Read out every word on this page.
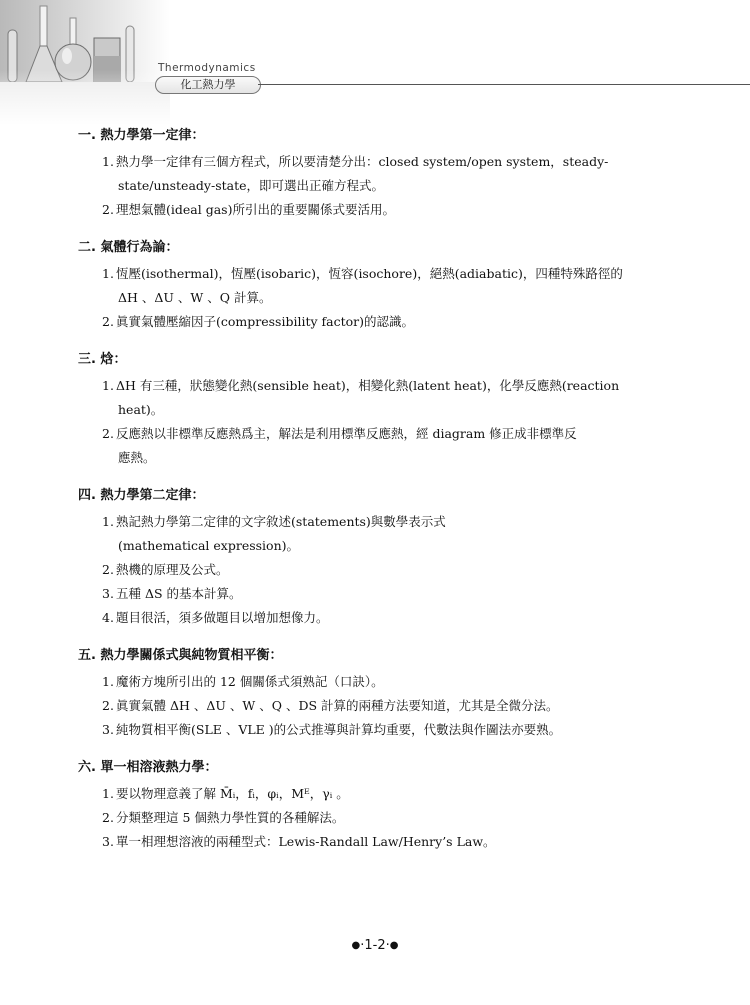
Thermodynamics
化工熱力學
一. 熱力學第一定律：
1. 熱力學一定律有三個方程式，所以要清楚分出：closed system/open system，steady-
state/unsteady-state，即可選出正確方程式。
2. 理想氣體(ideal gas)所引出的重要關係式要活用。
二. 氣體行為論：
1. 恆壓(isothermal)，恆壓(isobaric)，恆容(isochore)，絕熱(adiabatic)，四種特殊路徑的
ΔH 、ΔU 、W 、Q 計算。
2. 眞實氣體壓縮因子(compressibility factor)的認識。
三. 焓：
1. ΔH 有三種，狀態變化熱(sensible heat)，相變化熱(latent heat)，化學反應熱(reaction
heat)。
2. 反應熱以非標準反應熱爲主，解法是利用標準反應熱，經 diagram 修正成非標準反
應熱。
四. 熱力學第二定律：
1. 熟記熱力學第二定律的文字敘述(statements)與數學表示式
(mathematical expression)。
2. 熱機的原理及公式。
3. 五種 ΔS 的基本計算。
4. 題目很活，須多做題目以增加想像力。
五. 熱力學關係式與純物質相平衡：
1. 魔術方塊所引出的 12 個關係式須熟記（口訣）。
2. 眞實氣體 ΔH 、ΔU 、W 、Q 、DS 計算的兩種方法要知道，尤其是全微分法。
3. 純物質相平衡(SLE 、VLE )的公式推導與計算均重要，代數法與作圖法亦要熟。
六. 單一相溶液熱力學：
1. 要以物理意義了解 M̄ᵢ，fᵢ，φᵢ，Mᴱ，γᵢ 。
2. 分類整理這 5 個熱力學性質的各種解法。
3. 單一相理想溶液的兩種型式：Lewis-Randall Law/Henry’s Law。
●·1-2·●
